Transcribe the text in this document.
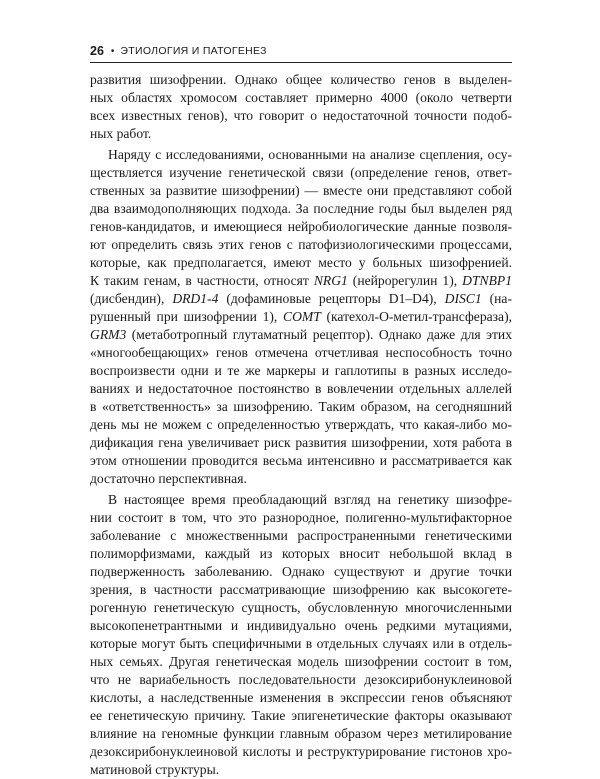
26 • ЭТИОЛОГИЯ И ПАТОГЕНЕЗ

развития шизофрении. Однако общее количество генов в выделен-
ных областях хромосом составляет примерно 4000 (около четверти
всех известных генов), что говорит о недостаточной точности подоб-
ных работ.

Наряду с исследованиями, основанными на анализе сцепления, осу-
ществляется изучение генетической связи (определение генов, ответ-
ственных за развитие шизофрении) — вместе они представляют собой
два взаимодополняющих подхода. За последние годы был выделен ряд
генов-кандидатов, и имеющиеся нейробиологические данные позволя-
ют определить связь этих генов с патофизиологическими процессами,
которые, как предполагается, имеют место у больных шизофренией.
К таким генам, в частности, относят NRG1 (нейрорегулин 1), DTNBP1
(дисбендин), DRD1-4 (дофаминовые рецепторы D1–D4), DISC1 (на-
рушенный при шизофрении 1), COMT (катехол-О-метил-трансфераза),
GRM3 (метаботропный глутаматный рецептор). Однако даже для этих
«многообещающих» генов отмечена отчетливая неспособность точно
воспроизвести одни и те же маркеры и гаплотипы в разных исследо-
ваниях и недостаточное постоянство в вовлечении отдельных аллелей
в «ответственность» за шизофрению. Таким образом, на сегодняшний
день мы не можем с определенностью утверждать, что какая-либо мо-
дификация гена увеличивает риск развития шизофрении, хотя работа в
этом отношении проводится весьма интенсивно и рассматривается как
достаточно перспективная.

В настоящее время преобладающий взгляд на генетику шизофре-
нии состоит в том, что это разнородное, полигенно-мультифакторное
заболевание с множественными распространенными генетическими
полиморфизмами, каждый из которых вносит небольшой вклад в
подверженность заболеванию. Однако существуют и другие точки
зрения, в частности рассматривающие шизофрению как высокогете-
рогенную генетическую сущность, обусловленную многочисленными
высокопенетрантными и индивидуально очень редкими мутациями,
которые могут быть специфичными в отдельных случаях или в отдель-
ных семьях. Другая генетическая модель шизофрении состоит в том,
что не вариабельность последовательности дезоксирибонуклеиновой
кислоты, а наследственные изменения в экспрессии генов объясняют
ее генетическую причину. Такие эпигенетические факторы оказывают
влияние на геномные функции главным образом через метилирование
дезоксирибонуклеиновой кислоты и реструктурирование гистонов хро-
матиновой структуры.
